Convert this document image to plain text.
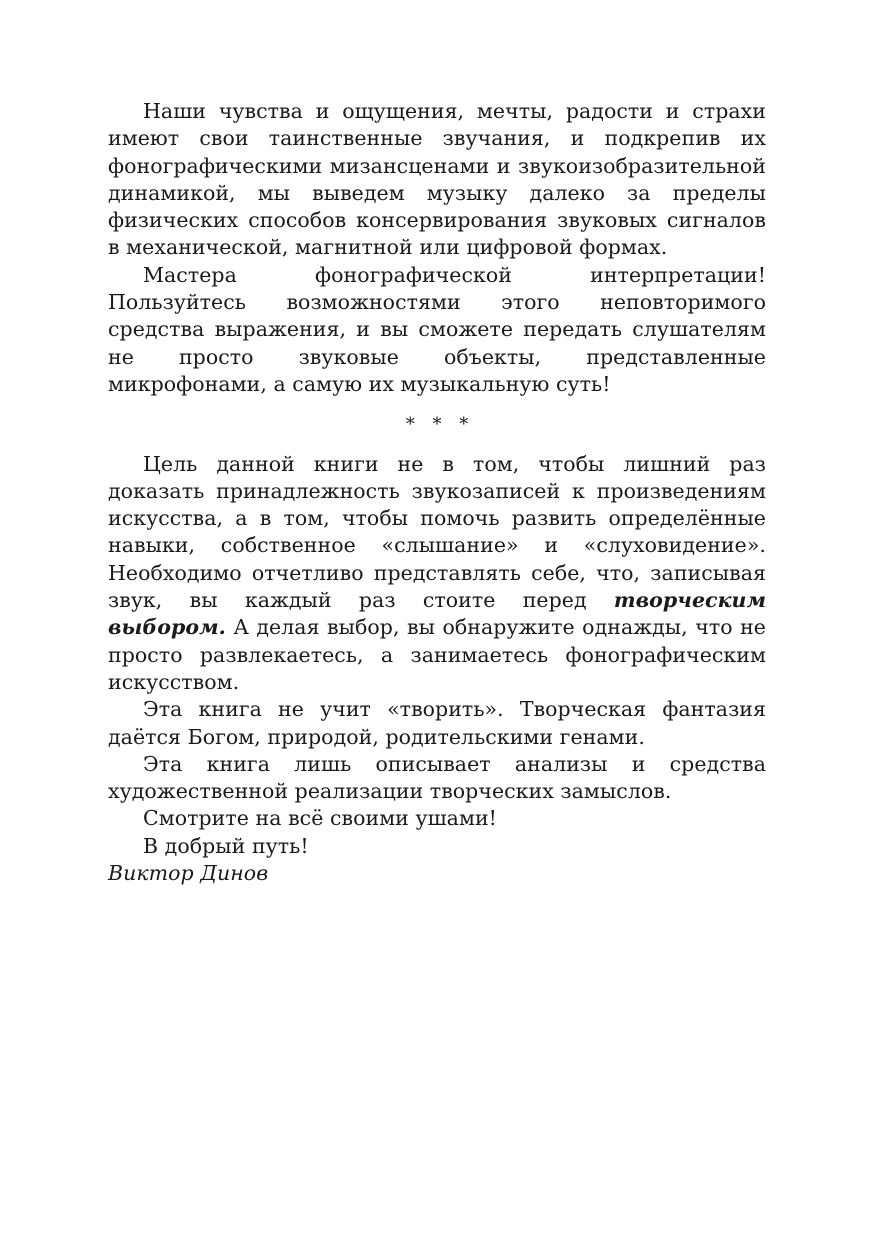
Наши чувства и ощущения, мечты, радости и страхи имеют свои таинственные звучания, и подкрепив их фонографическими мизансценами и звукоизобразительной динамикой, мы выведем музыку далеко за пределы физических способов консервирования звуковых сигналов в механической, магнитной или цифровой формах.

Мастера фонографической интерпретации! Пользуйтесь возможностями этого неповторимого средства выражения, и вы сможете передать слушателям не просто звуковые объекты, представленные микрофонами, а самую их музыкальную суть!

* * *

Цель данной книги не в том, чтобы лишний раз доказать принадлежность звукозаписей к произведениям искусства, а в том, чтобы помочь развить определённые навыки, собственное «слышание» и «слуховидение». Необходимо отчетливо представлять себе, что, записывая звук, вы каждый раз стоите перед творческим выбором. А делая выбор, вы обнаружите однажды, что не просто развлекаетесь, а занимаетесь фонографическим искусством.

Эта книга не учит «творить». Творческая фантазия даётся Богом, природой, родительскими генами.

Эта книга лишь описывает анализы и средства художественной реализации творческих замыслов.

Смотрите на всё своими ушами!

В добрый путь!

Виктор Динов
